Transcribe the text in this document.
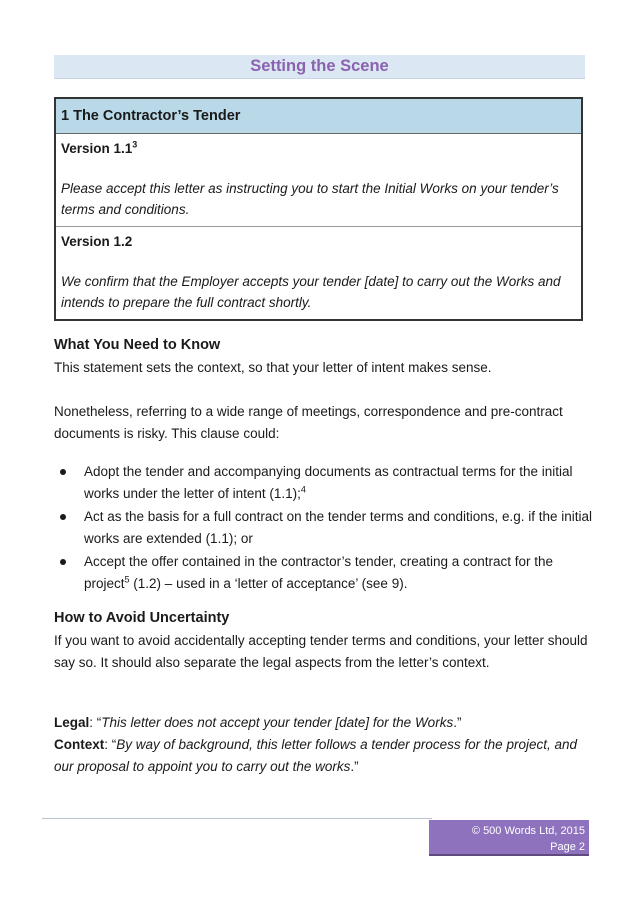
Setting the Scene
1 The Contractor’s Tender
Version $1.1^3$
Please accept this letter as instructing you to start the Initial Works on your tender’s terms and conditions.
Version 1.2
We confirm that the Employer accepts your tender [date] to carry out the Works and intends to prepare the full contract shortly.
What You Need to Know
This statement sets the context, so that your letter of intent makes sense.
Nonetheless, referring to a wide range of meetings, correspondence and pre-contract documents is risky. This clause could:
Adopt the tender and accompanying documents as contractual terms for the initial works under the letter of intent (1.1);$^4$
Act as the basis for a full contract on the tender terms and conditions, e.g. if the initial works are extended (1.1); or
Accept the offer contained in the contractor’s tender, creating a contract for the project$^5$ (1.2) – used in a ‘letter of acceptance’ (see 9).
How to Avoid Uncertainty
If you want to avoid accidentally accepting tender terms and conditions, your letter should say so. It should also separate the legal aspects from the letter’s context.
Legal: “This letter does not accept your tender [date] for the Works.”
Context: “By way of background, this letter follows a tender process for the project, and our proposal to appoint you to carry out the works.”
© 500 Words Ltd, 2015
Page 2
